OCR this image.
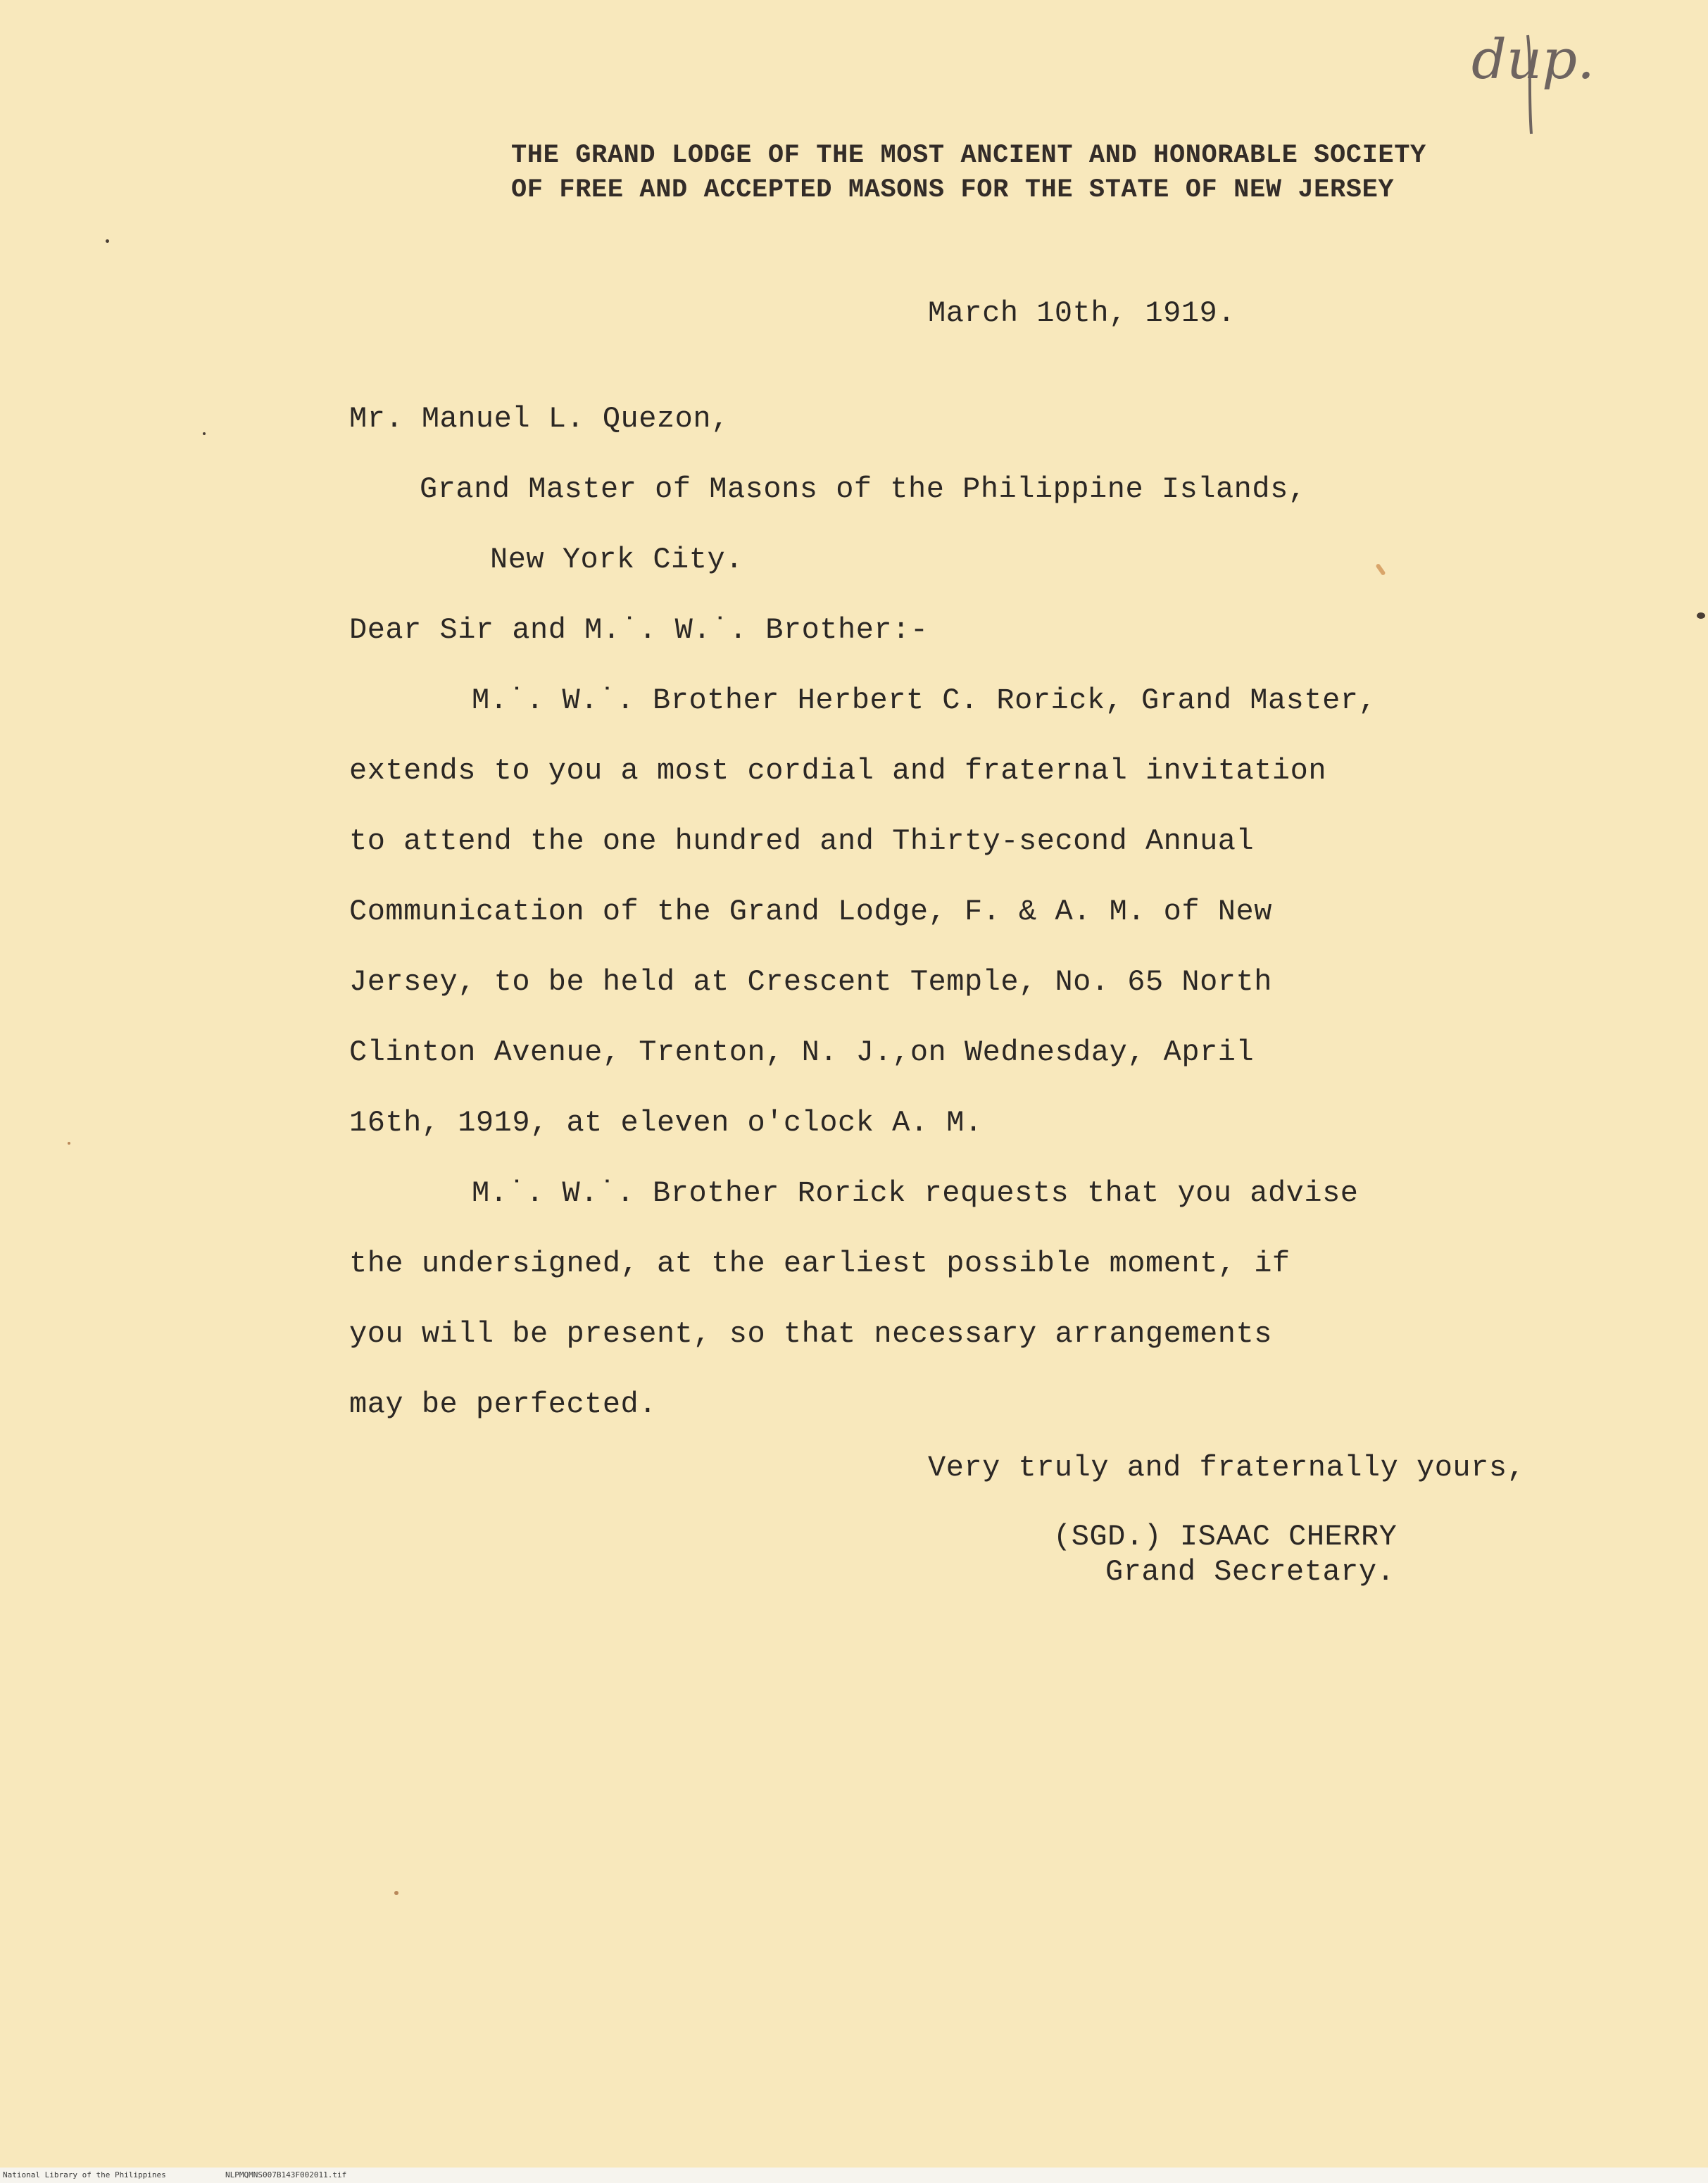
dup.
THE GRAND LODGE OF THE MOST ANCIENT AND HONORABLE SOCIETY
OF FREE AND ACCEPTED MASONS FOR THE STATE OF NEW JERSEY
March 10th, 1919.
Mr. Manuel L. Quezon,
Grand Master of Masons of the Philippine Islands,
New York City.
Dear Sir and M.˙. W.˙. Brother:-
M.˙. W.˙. Brother Herbert C. Rorick, Grand Master,
extends to you a most cordial and fraternal invitation
to attend the one hundred and Thirty-second Annual
Communication of the Grand Lodge, F. & A. M. of New
Jersey, to be held at Crescent Temple, No. 65 North
Clinton Avenue, Trenton, N. J.,on Wednesday, April
16th, 1919, at eleven o'clock A. M.
M.˙. W.˙. Brother Rorick requests that you advise
the undersigned, at the earliest possible moment, if
you will be present, so that necessary arrangements
may be perfected.
Very truly and fraternally yours,
(SGD.) ISAAC CHERRY
Grand Secretary.
National Library of the Philippines	NLPMQMNS007B143F002011.tif
